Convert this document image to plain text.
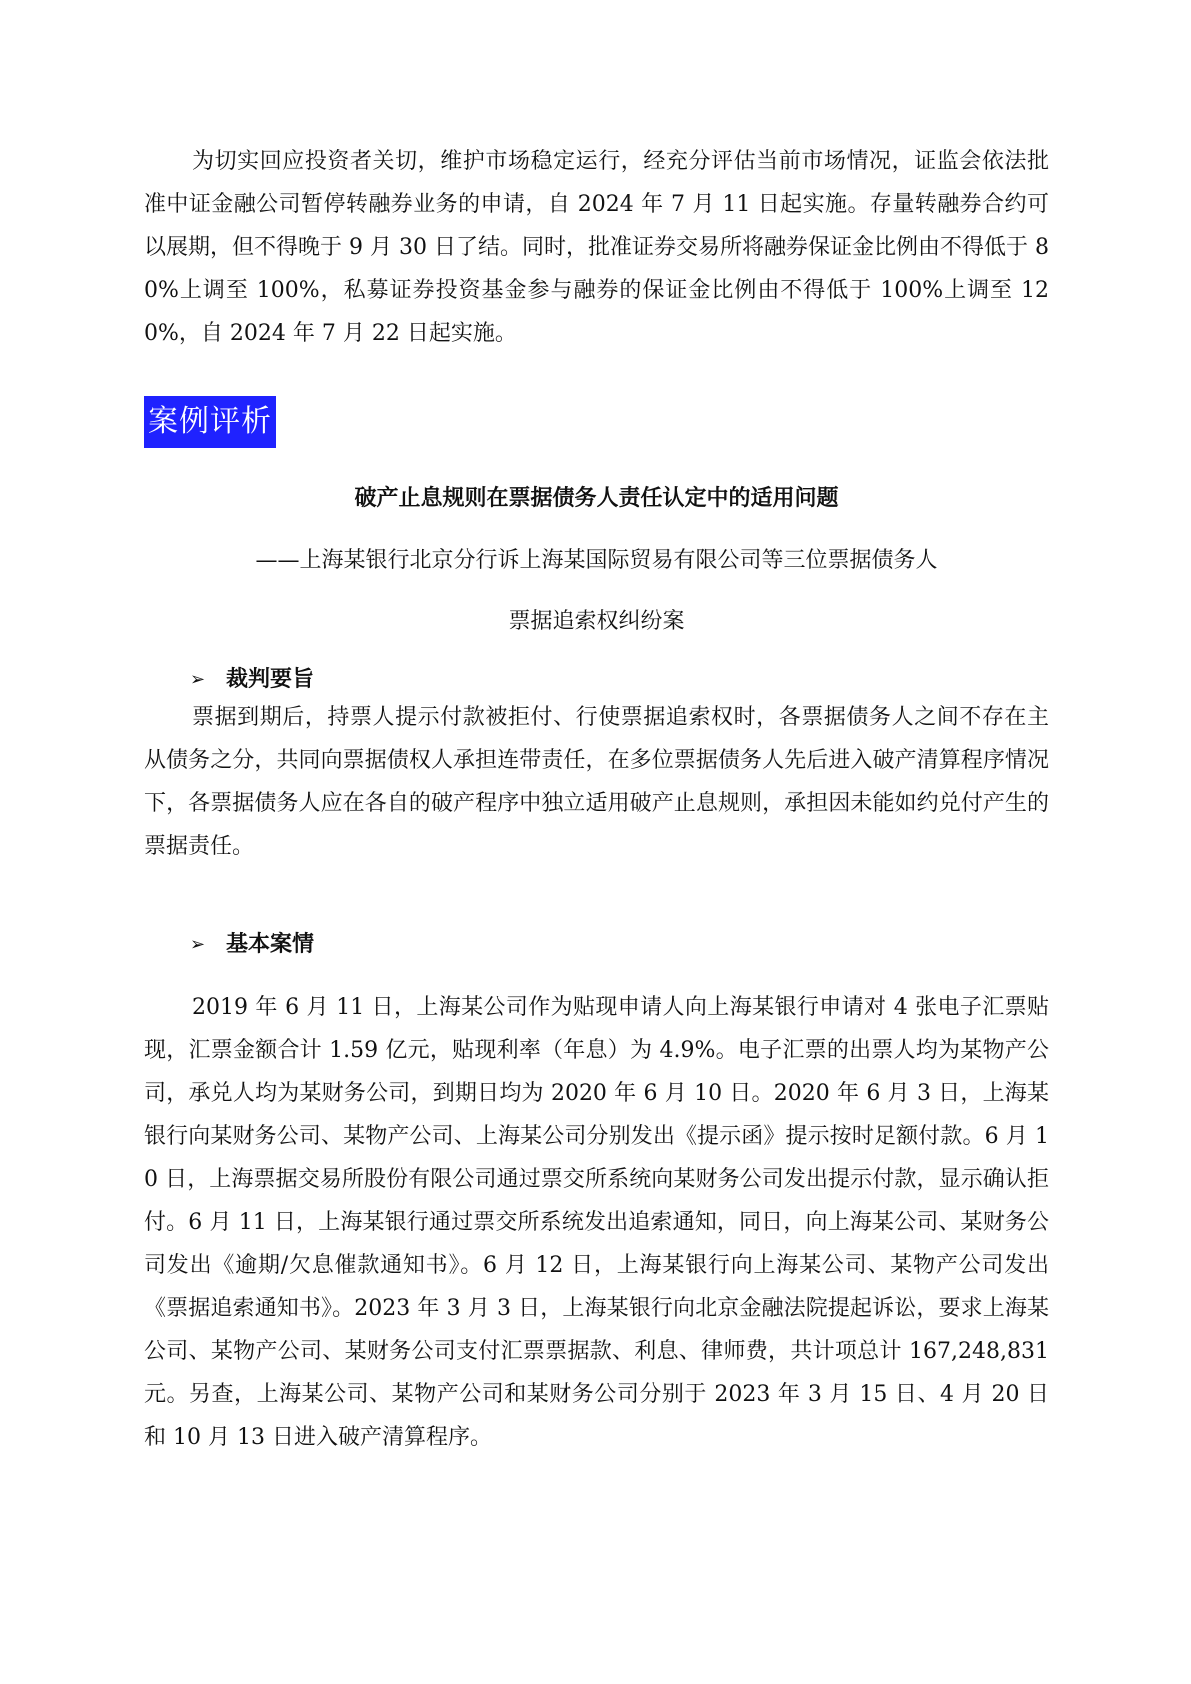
为切实回应投资者关切，维护市场稳定运行，经充分评估当前市场情况，证监会依法批准中证金融公司暂停转融券业务的申请，自 2024 年 7 月 11 日起实施。存量转融券合约可以展期，但不得晚于 9 月 30 日了结。同时，批准证券交易所将融券保证金比例由不得低于 80%上调至 100%，私募证券投资基金参与融券的保证金比例由不得低于 100%上调至 120%，自 2024 年 7 月 22 日起实施。

案例评析

破产止息规则在票据债务人责任认定中的适用问题

——上海某银行北京分行诉上海某国际贸易有限公司等三位票据债务人

票据追索权纠纷案

➢ 裁判要旨

票据到期后，持票人提示付款被拒付、行使票据追索权时，各票据债务人之间不存在主从债务之分，共同向票据债权人承担连带责任，在多位票据债务人先后进入破产清算程序情况下，各票据债务人应在各自的破产程序中独立适用破产止息规则，承担因未能如约兑付产生的票据责任。

➢ 基本案情

2019 年 6 月 11 日，上海某公司作为贴现申请人向上海某银行申请对 4 张电子汇票贴现，汇票金额合计 1.59 亿元，贴现利率（年息）为 4.9%。电子汇票的出票人均为某物产公司，承兑人均为某财务公司，到期日均为 2020 年 6 月 10 日。2020 年 6 月 3 日，上海某银行向某财务公司、某物产公司、上海某公司分别发出《提示函》提示按时足额付款。6 月 10 日，上海票据交易所股份有限公司通过票交所系统向某财务公司发出提示付款，显示确认拒付。6 月 11 日，上海某银行通过票交所系统发出追索通知，同日，向上海某公司、某财务公司发出《逾期/欠息催款通知书》。6 月 12 日，上海某银行向上海某公司、某物产公司发出《票据追索通知书》。2023 年 3 月 3 日，上海某银行向北京金融法院提起诉讼，要求上海某公司、某物产公司、某财务公司支付汇票票据款、利息、律师费，共计项总计 167,248,831 元。另查，上海某公司、某物产公司和某财务公司分别于 2023 年 3 月 15 日、4 月 20 日和 10 月 13 日进入破产清算程序。
